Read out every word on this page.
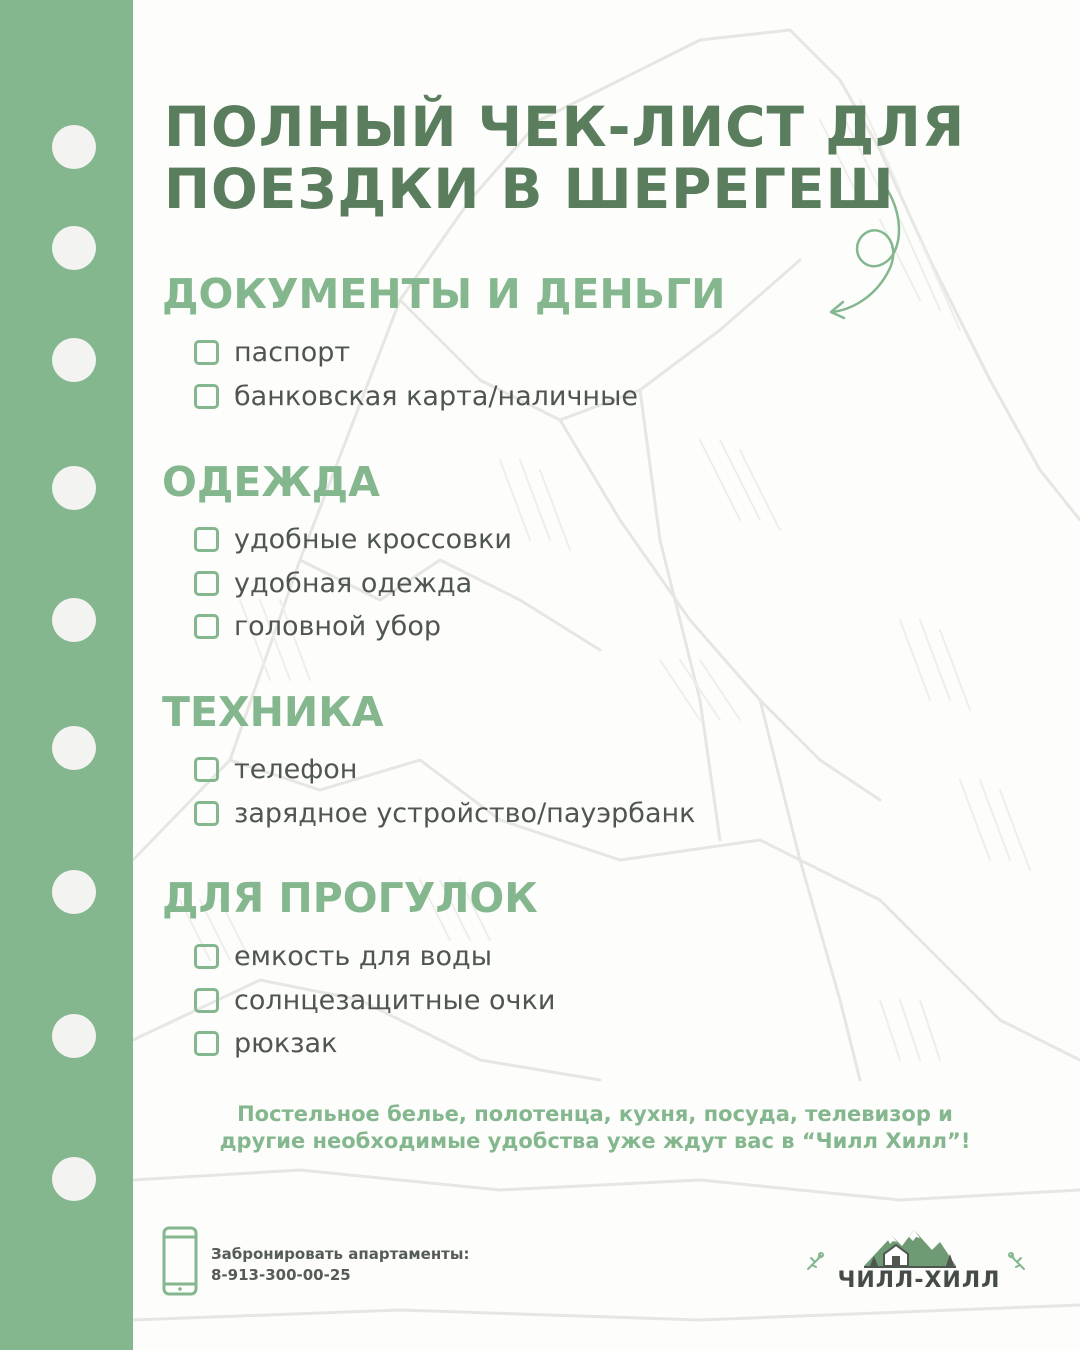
ПОЛНЫЙ ЧЕК-ЛИСТ ДЛЯ
ПОЕЗДКИ В ШЕРЕГЕШ
ДОКУМЕНТЫ И ДЕНЬГИ
паспорт
банковская карта/наличные
ОДЕЖДА
удобные кроссовки
удобная одежда
головной убор
ТЕХНИКА
телефон
зарядное устройство/пауэрбанк
ДЛЯ ПРОГУЛОК
емкость для воды
солнцезащитные очки
рюкзак

Постельное белье, полотенца, кухня, посуда, телевизор и
другие необходимые удобства уже ждут вас в “Чилл Хилл”!

Забронировать апартаменты:
8-913-300-00-25	ЧИЛЛ-ХИЛЛ
